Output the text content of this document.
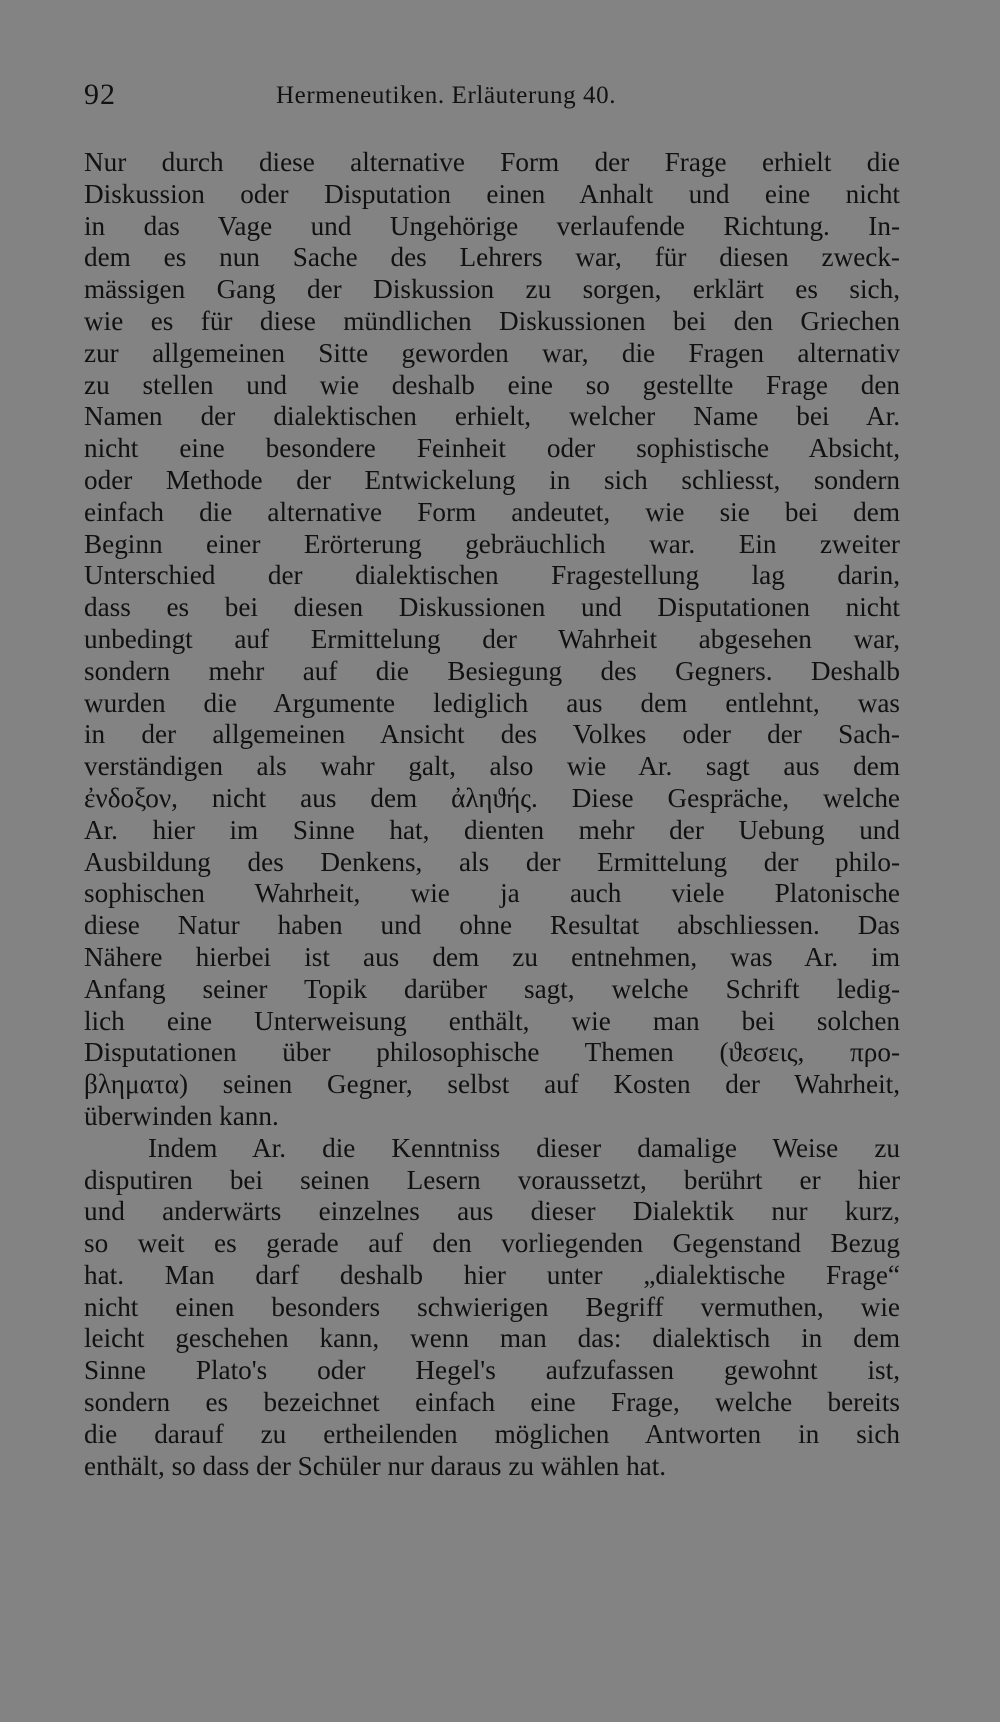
92	Hermeneutiken. Erläuterung 40.
Nur durch diese alternative Form der Frage erhielt die
Diskussion oder Disputation einen Anhalt und eine nicht
in das Vage und Ungehörige verlaufende Richtung. In-
dem es nun Sache des Lehrers war, für diesen zweck-
mässigen Gang der Diskussion zu sorgen, erklärt es sich,
wie es für diese mündlichen Diskussionen bei den Griechen
zur allgemeinen Sitte geworden war, die Fragen alternativ
zu stellen und wie deshalb eine so gestellte Frage den
Namen der dialektischen erhielt, welcher Name bei Ar.
nicht eine besondere Feinheit oder sophistische Absicht,
oder Methode der Entwickelung in sich schliesst, sondern
einfach die alternative Form andeutet, wie sie bei dem
Beginn einer Erörterung gebräuchlich war. Ein zweiter
Unterschied der dialektischen Fragestellung lag darin,
dass es bei diesen Diskussionen und Disputationen nicht
unbedingt auf Ermittelung der Wahrheit abgesehen war,
sondern mehr auf die Besiegung des Gegners. Deshalb
wurden die Argumente lediglich aus dem entlehnt, was
in der allgemeinen Ansicht des Volkes oder der Sach-
verständigen als wahr galt, also wie Ar. sagt aus dem
ἐνδοξον, nicht aus dem ἀληϑής. Diese Gespräche, welche
Ar. hier im Sinne hat, dienten mehr der Uebung und
Ausbildung des Denkens, als der Ermittelung der philo-
sophischen Wahrheit, wie ja auch viele Platonische
diese Natur haben und ohne Resultat abschliessen. Das
Nähere hierbei ist aus dem zu entnehmen, was Ar. im
Anfang seiner Topik darüber sagt, welche Schrift ledig-
lich eine Unterweisung enthält, wie man bei solchen
Disputationen über philosophische Themen (ϑεσεις, προ-
βληματα) seinen Gegner, selbst auf Kosten der Wahrheit,
überwinden kann.
Indem Ar. die Kenntniss dieser damalige Weise zu
disputiren bei seinen Lesern voraussetzt, berührt er hier
und anderwärts einzelnes aus dieser Dialektik nur kurz,
so weit es gerade auf den vorliegenden Gegenstand Bezug
hat. Man darf deshalb hier unter „dialektische Frage“
nicht einen besonders schwierigen Begriff vermuthen, wie
leicht geschehen kann, wenn man das: dialektisch in dem
Sinne Plato's oder Hegel's aufzufassen gewohnt ist,
sondern es bezeichnet einfach eine Frage, welche bereits
die darauf zu ertheilenden möglichen Antworten in sich
enthält, so dass der Schüler nur daraus zu wählen hat.
